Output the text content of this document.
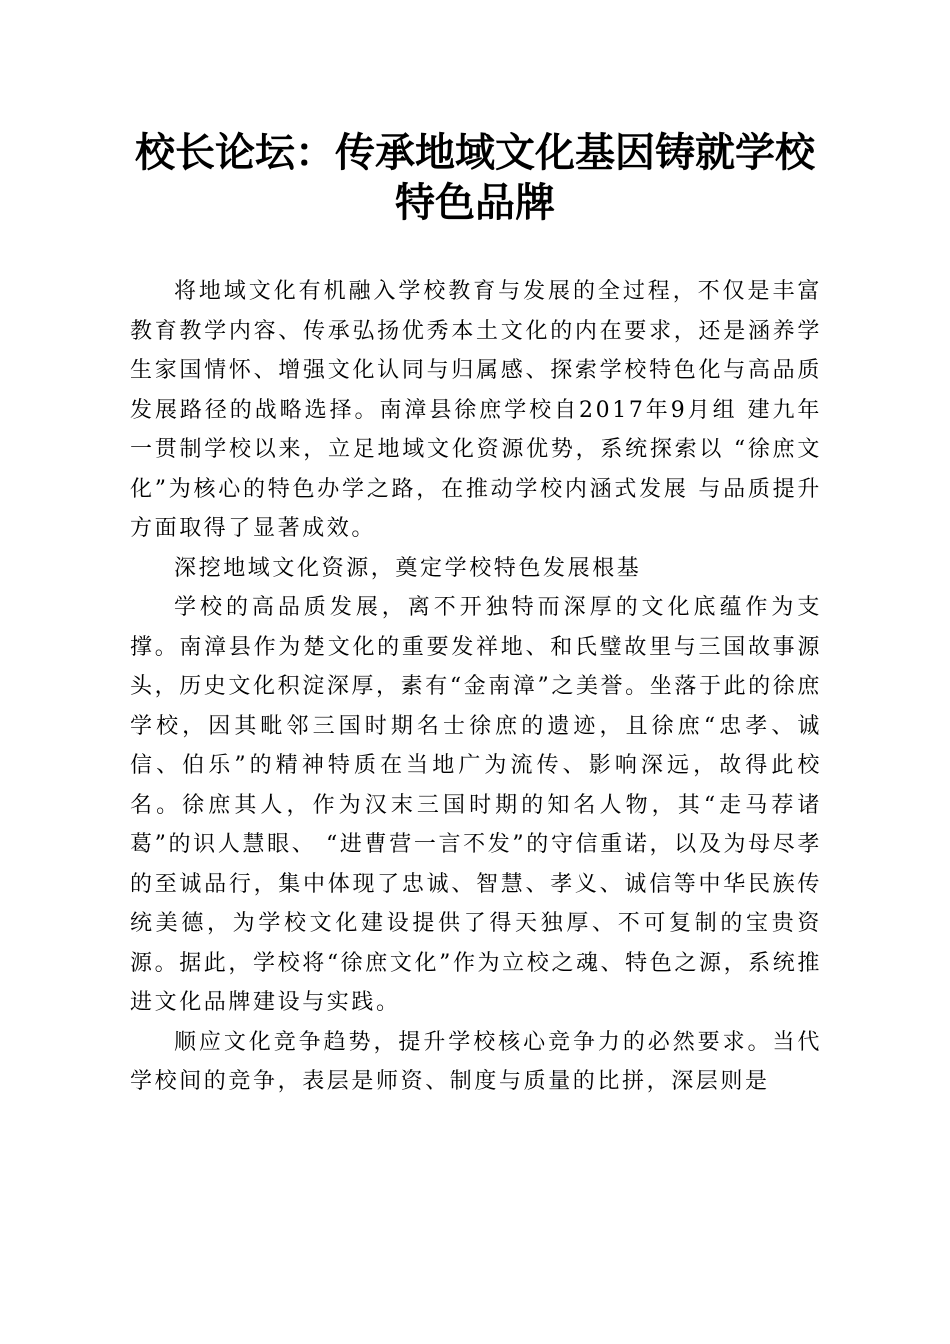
校长论坛：传承地域文化基因铸就学校特色品牌

将地域文化有机融入学校教育与发展的全过程，不仅是丰富教育教学内容、传承弘扬优秀本土文化的内在要求，还是涵养学生家国情怀、增强文化认同与归属感、探索学校特色化与高品质发展路径的战略选择。南漳县徐庶学校自2017年9月组 建九年一贯制学校以来，立足地域文化资源优势，系统探索以 “徐庶文化”为核心的特色办学之路，在推动学校内涵式发展 与品质提升方面取得了显著成效。

深挖地域文化资源，奠定学校特色发展根基

学校的高品质发展，离不开独特而深厚的文化底蕴作为支撑。南漳县作为楚文化的重要发祥地、和氏璧故里与三国故事源头，历史文化积淀深厚，素有“金南漳”之美誉。坐落于此的徐庶学校，因其毗邻三国时期名士徐庶的遗迹，且徐庶“忠孝、诚信、伯乐”的精神特质在当地广为流传、影响深远，故得此校名。徐庶其人，作为汉末三国时期的知名人物，其“走马荐诸葛”的识人慧眼、 “进曹营一言不发”的守信重诺，以及为母尽孝的至诚品行，集中体现了忠诚、智慧、孝义、诚信等中华民族传统美德，为学校文化建设提供了得天独厚、不可复制的宝贵资源。据此，学校将“徐庶文化”作为立校之魂、特色之源，系统推进文化品牌建设与实践。

顺应文化竞争趋势，提升学校核心竞争力的必然要求。当代学校间的竞争，表层是师资、制度与质量的比拼，深层则是
